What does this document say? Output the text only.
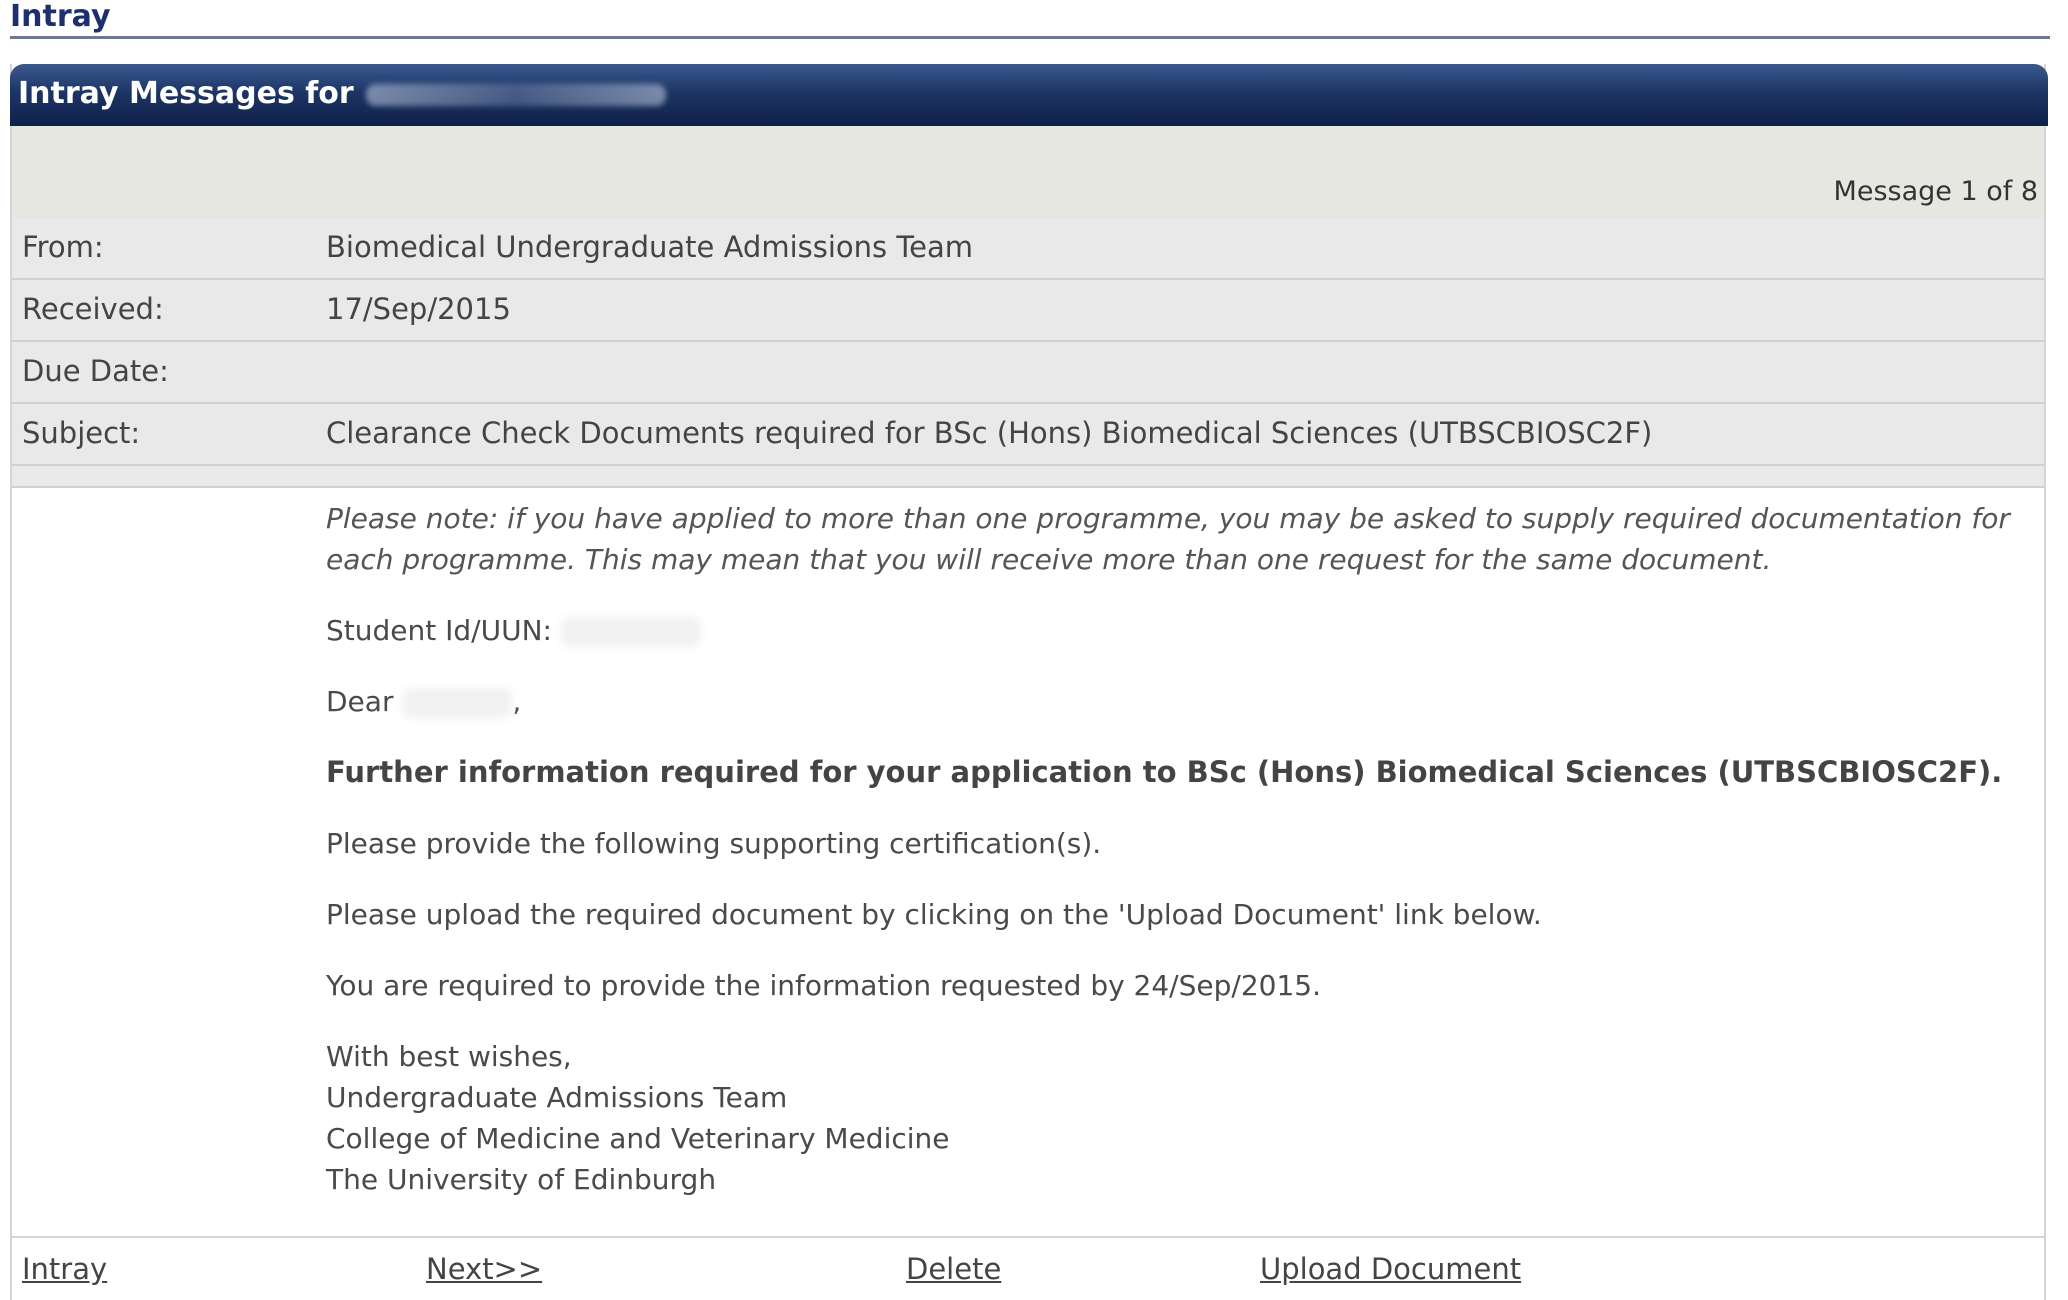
Intray
Intray Messages for
Message 1 of 8
From:	Biomedical Undergraduate Admissions Team
Received:	17/Sep/2015
Due Date:
Subject:	Clearance Check Documents required for BSc (Hons) Biomedical Sciences (UTBSCBIOSC2F)

Please note: if you have applied to more than one programme, you may be asked to supply required documentation for each programme. This may mean that you will receive more than one request for the same document.

Student Id/UUN:

Dear	,

Further information required for your application to BSc (Hons) Biomedical Sciences (UTBSCBIOSC2F).

Please provide the following supporting certification(s).

Please upload the required document by clicking on the 'Upload Document' link below.

You are required to provide the information requested by 24/Sep/2015.

With best wishes,

Undergraduate Admissions Team

College of Medicine and Veterinary Medicine

The University of Edinburgh

Intray	Next>>	Delete	Upload Document
